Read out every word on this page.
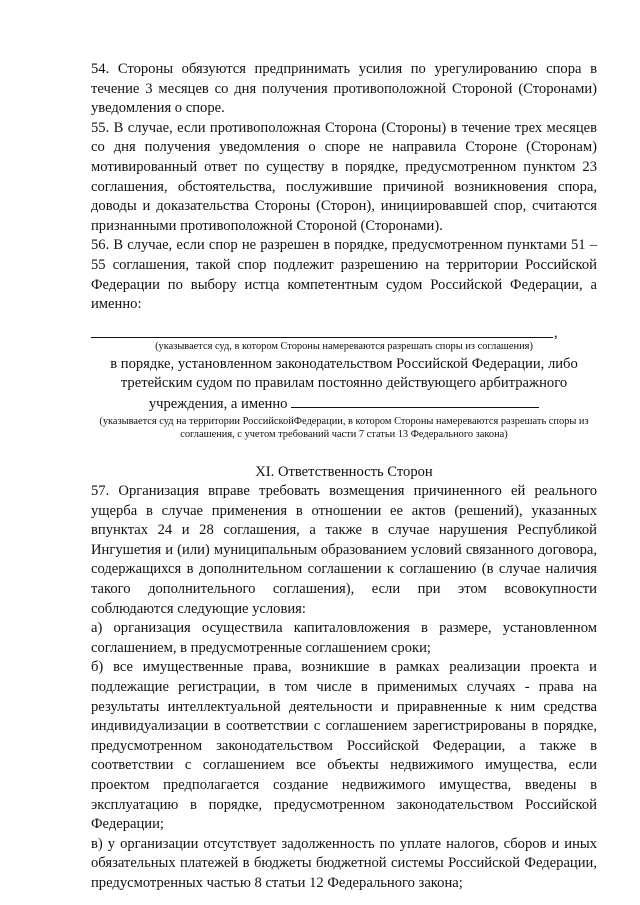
54. Стороны обязуются предпринимать усилия по урегулированию спора в течение 3 месяцев со дня получения противоположной Стороной (Сторонами) уведомления о споре.

55. В случае, если противоположная Сторона (Стороны) в течение трех месяцев со дня получения уведомления о споре не направила Стороне (Сторонам) мотивированный ответ по существу в порядке, предусмотренном пунктом 23 соглашения, обстоятельства, послужившие причиной возникновения спора, доводы и доказательства Стороны (Сторон), инициировавшей спор, считаются признанными противоположной Стороной (Сторонами).

56. В случае, если спор не разрешен в порядке, предусмотренном пунктами 51 – 55 соглашения, такой спор подлежит разрешению на территории Российской Федерации по выбору истца компетентным судом Российской Федерации, а именно:

,

(указывается суд, в котором Стороны намереваются разрешать споры из соглашения)

в порядке, установленном законодательством Российской Федерации, либо третейским судом по правилам постоянно действующего арбитражного учреждения, а именно

(указывается суд на территории РоссийскойФедерации, в котором Стороны намереваются разрешать споры из соглашения, с учетом требований части 7 статьи 13 Федерального закона)

XI. Ответственность Сторон

57. Организация вправе требовать возмещения причиненного ей реального ущерба в случае применения в отношении ее актов (решений), указанных впунктах 24 и 28 соглашения, а также в случае нарушения Республикой Ингушетия и (или) муниципальным образованием условий связанного договора, содержащихся в дополнительном соглашении к соглашению (в случае наличия такого дополнительного соглашения), если при этом всовокупности соблюдаются следующие условия:

а) организация осуществила капиталовложения в размере, установленном соглашением, в предусмотренные соглашением сроки;

б) все имущественные права, возникшие в рамках реализации проекта и подлежащие регистрации, в том числе в применимых случаях - права на результаты интеллектуальной деятельности и приравненные к ним средства индивидуализации в соответствии с соглашением зарегистрированы в порядке, предусмотренном законодательством Российской Федерации, а также в соответствии с соглашением все объекты недвижимого имущества, если проектом предполагается создание недвижимого имущества, введены в эксплуатацию в порядке, предусмотренном законодательством Российской Федерации;

в) у организации отсутствует задолженность по уплате налогов, сборов и иных обязательных платежей в бюджеты бюджетной системы Российской Федерации, предусмотренных частью 8 статьи 12 Федерального закона;
